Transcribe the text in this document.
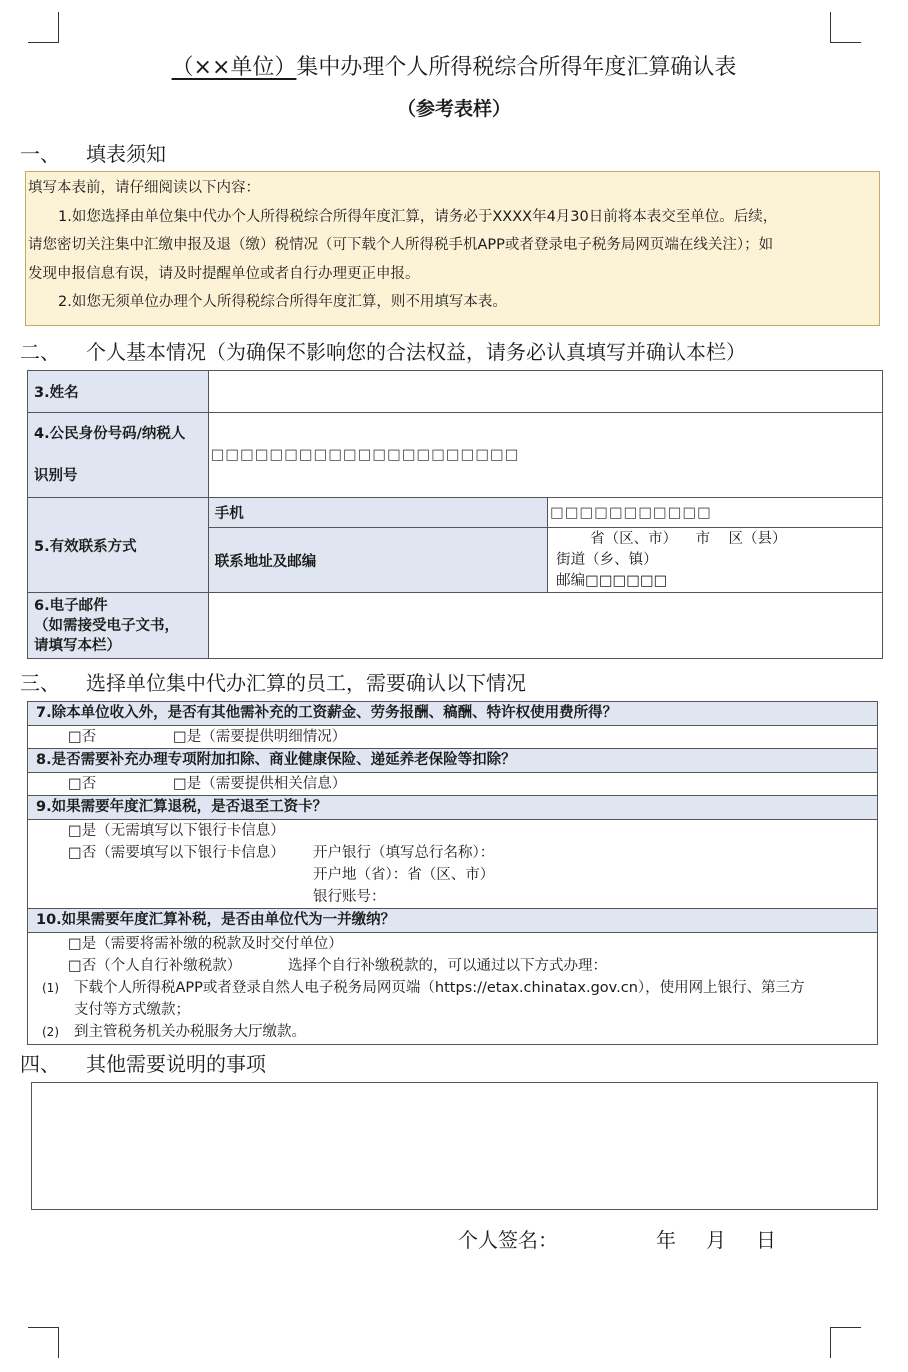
（××单位）集中办理个人所得税综合所得年度汇算确认表
（参考表样）
一、 填表须知

填写本表前，请仔细阅读以下内容：

1.如您选择由单位集中代办个人所得税综合所得年度汇算，请务必于XXXX年4月30日前将本表交至单位。后续，

请您密切关注集中汇缴申报及退（缴）税情况（可下载个人所得税手机APP或者登录电子税务局网页端在线关注）；如

发现申报信息有误，请及时提醒单位或者自行办理更正申报。

2.如您无须单位办理个人所得税综合所得年度汇算，则不用填写本表。

二、 个人基本情况（为确保不影响您的合法权益，请务必认真填写并确认本栏）
3.姓名		

4.公民身份号码/纳税人
识别号	□□□□□□□□□□□□□□□□□□□□□	
5.有效联系方式	手机	□□□□□□□□□□□
	联系地址及邮编	省（区、市）    市    区（县）
街道（乡、镇）
邮编□□□□□□

6.电子邮件
（如需接受电子文书，
请填写本栏）		

三、 选择单位集中代办汇算的员工，需要确认以下情况
7.除本单位收入外，是否有其他需补充的工资薪金、劳务报酬、稿酬、特许权使用费所得？
□否	□是（需要提供明细情况）
8.是否需要补充办理专项附加扣除、商业健康保险、递延养老保险等扣除？
□否	□是（需要提供相关信息）
9.如果需要年度汇算退税，是否退至工资卡？
□是（无需填写以下银行卡信息）
□否（需要填写以下银行卡信息） 开户银行（填写总行名称）：
开户地（省）：省（区、市）
银行账号：
10.如果需要年度汇算补税，是否由单位代为一并缴纳？
□是（需要将需补缴的税款及时交付单位）
□否（个人自行补缴税款）	选择个自行补缴税款的，可以通过以下方式办理：
(1)	下载个人所得税APP或者登录自然人电子税务局网页端（https://etax.chinatax.gov.cn），使用网上银行、第三方
支付等方式缴款；
(2)	到主管税务机关办税服务大厅缴款。
四、 其他需要说明的事项
个人签名：	年 月 日
